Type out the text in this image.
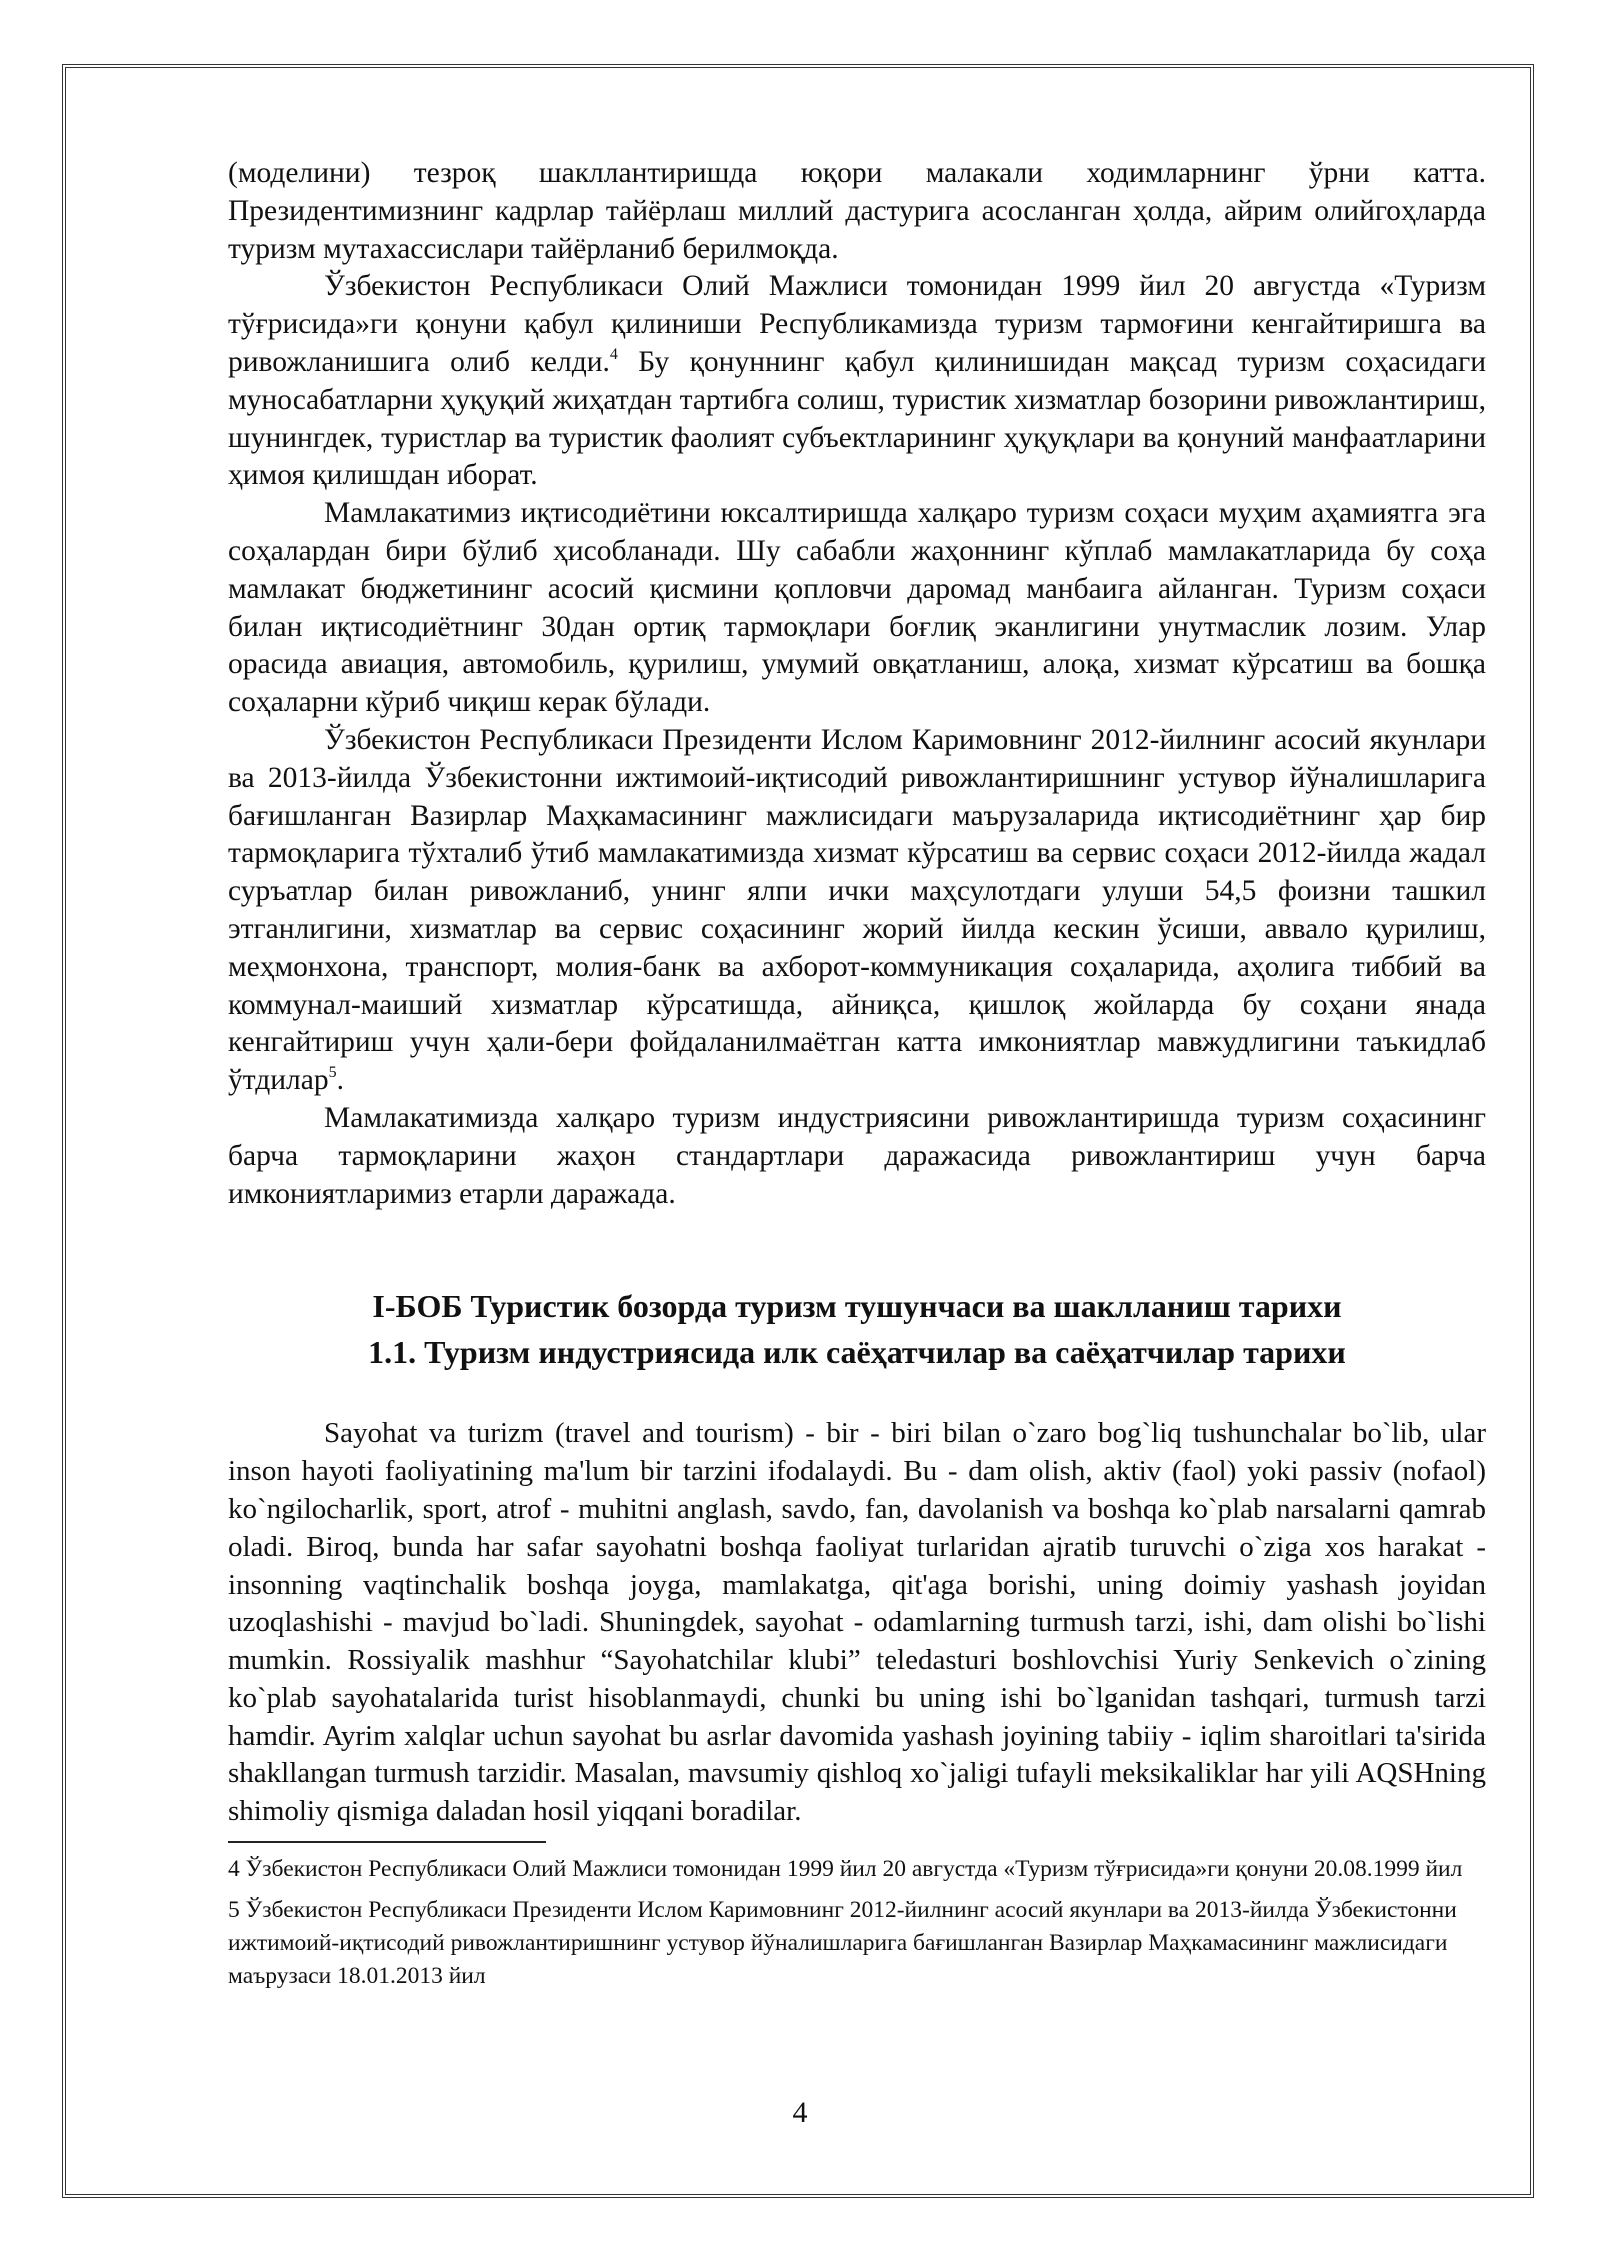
(моделини) тезроқ шакллантиришда юқори малакали ходимларнинг ўрни катта. Президентимизнинг кадрлар тайёрлаш миллий дастурига асосланган ҳолда, айрим олийгоҳларда туризм мутахассислари тайёрланиб берилмоқда.

Ўзбекистон Республикаси Олий Мажлиси томонидан 1999 йил 20 августда «Туризм тўғрисида»ги қонуни қабул қилиниши Республикамизда туризм тармоғини кенгайтиришга ва ривожланишига олиб келди.$^4$ Бу қонуннинг қабул қилинишидан мақсад туризм соҳасидаги муносабатларни ҳуқуқий жиҳатдан тартибга солиш, туристик хизматлар бозорини ривожлантириш, шунингдек, туристлар ва туристик фаолият субъектларининг ҳуқуқлари ва қонуний манфаатларини ҳимоя қилишдан иборат.

Мамлакатимиз иқтисодиётини юксалтиришда халқаро туризм соҳаси муҳим аҳамиятга эга соҳалардан бири бўлиб ҳисобланади. Шу сабабли жаҳоннинг кўплаб мамлакатларида бу соҳа мамлакат бюджетининг асосий қисмини қопловчи даромад манбаига айланган. Туризм соҳаси билан иқтисодиётнинг 30дан ортиқ тармоқлари боғлиқ эканлигини унутмаслик лозим. Улар орасида авиация, автомобиль, қурилиш, умумий овқатланиш, алоқа, хизмат кўрсатиш ва бошқа соҳаларни кўриб чиқиш керак бўлади.

Ўзбекистон Республикаси Президенти Ислом Каримовнинг 2012-йилнинг асосий якунлари ва 2013-йилда Ўзбекистонни ижтимоий-иқтисодий ривожлантиришнинг устувор йўналишларига бағишланган Вазирлар Маҳкамасининг мажлисидаги маърузаларида иқтисодиётнинг ҳар бир тармоқларига тўхталиб ўтиб мамлакатимизда хизмат кўрсатиш ва сервис соҳаси 2012-йилда жадал суръатлар билан ривожланиб, унинг ялпи ички маҳсулотдаги улуши 54,5 фоизни ташкил этганлигини, хизматлар ва сервис соҳасининг жорий йилда кескин ўсиши, аввало қурилиш, меҳмонхона, транспорт, молия-банк ва ахборот-коммуникация соҳаларида, аҳолига тиббий ва коммунал-маиший хизматлар кўрсатишда, айниқса, қишлоқ жойларда бу соҳани янада кенгайтириш учун ҳали-бери фойдаланилмаётган катта имкониятлар мавжудлигини таъкидлаб ўтдилар$^5$.

Мамлакатимизда халқаро туризм индустриясини ривожлантиришда туризм соҳасининг барча тармоқларини жаҳон стандартлари даражасида ривожлантириш учун барча имкониятларимиз етарли даражада.

I-БОБ Туристик бозорда туризм тушунчаси ва шаклланиш тарихи

1.1. Туризм индустриясида илк саёҳатчилар ва саёҳатчилар тарихи

Sayohat va turizm (travel and tourism) - bir - biri bilan o`zaro bog`liq tushunchalar bo`lib, ular inson hayoti faoliyatining ma'lum bir tarzini ifodalaydi. Bu - dam olish, aktiv (faol) yoki passiv (nofaol) ko`ngilocharlik, sport, atrof - muhitni anglash, savdo, fan, davolanish va boshqa ko`plab narsalarni qamrab oladi. Biroq, bunda har safar sayohatni boshqa faoliyat turlaridan ajratib turuvchi o`ziga xos harakat - insonning vaqtinchalik boshqa joyga, mamlakatga, qit'aga borishi, uning doimiy yashash joyidan uzoqlashishi - mavjud bo`ladi. Shuningdek, sayohat - odamlarning turmush tarzi, ishi, dam olishi bo`lishi mumkin. Rossiyalik mashhur “Sayohatchilar klubi” teledasturi boshlovchisi Yuriy Senkevich o`zining ko`plab sayohatalarida turist hisoblanmaydi, chunki bu uning ishi bo`lganidan tashqari, turmush tarzi hamdir. Ayrim xalqlar uchun sayohat bu asrlar davomida yashash joyining tabiiy - iqlim sharoitlari ta'sirida shakllangan turmush tarzidir. Masalan, mavsumiy qishloq xo`jaligi tufayli meksikaliklar har yili AQSHning shimoliy qismiga daladan hosil yiqqani boradilar.

4 Ўзбекистон Республикаси Олий Мажлиси томонидан 1999 йил 20 августда «Туризм тўғрисида»ги қонуни 20.08.1999 йил

5 Ўзбекистон Республикаси Президенти Ислом Каримовнинг 2012-йилнинг асосий якунлари ва 2013-йилда Ўзбекистонни ижтимоий-иқтисодий ривожлантиришнинг устувор йўналишларига бағишланган Вазирлар Маҳкамасининг мажлисидаги маърузаси 18.01.2013 йил

4
